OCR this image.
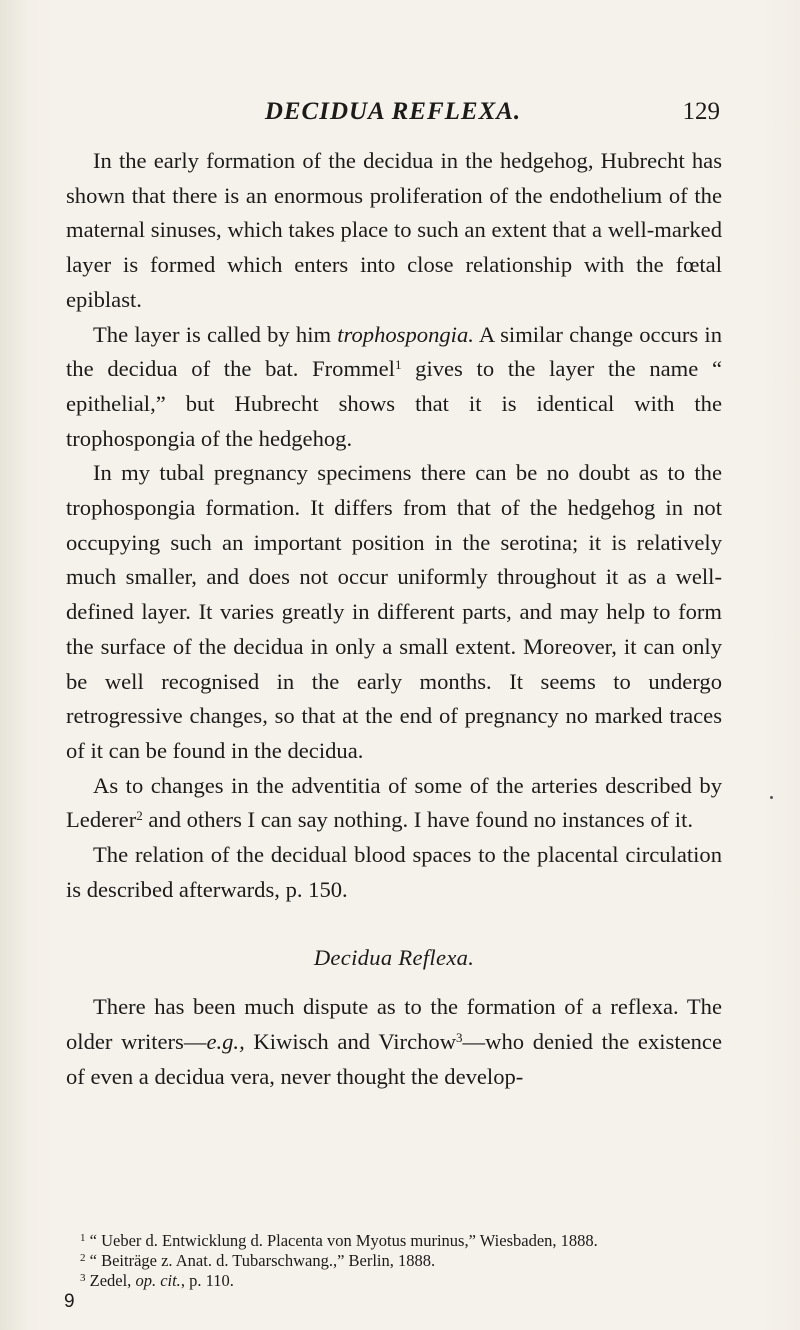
DECIDUA REFLEXA.	129

In the early formation of the decidua in the hedgehog, Hubrecht has shown that there is an enormous proliferation of the endothelium of the maternal sinuses, which takes place to such an extent that a well-marked layer is formed which enters into close relationship with the fœtal epiblast.

The layer is called by him trophospongia. A similar change occurs in the decidua of the bat. Frommel$^1$ gives to the layer the name “ epithelial,” but Hubrecht shows that it is identical with the trophospongia of the hedgehog.

In my tubal pregnancy specimens there can be no doubt as to the trophospongia formation. It differs from that of the hedgehog in not occupying such an important position in the serotina; it is relatively much smaller, and does not occur uniformly throughout it as a well-defined layer. It varies greatly in different parts, and may help to form the surface of the decidua in only a small extent. Moreover, it can only be well recognised in the early months. It seems to undergo retrogressive changes, so that at the end of pregnancy no marked traces of it can be found in the decidua.

As to changes in the adventitia of some of the arteries described by Lederer$^2$ and others I can say nothing. I have found no instances of it.

The relation of the decidual blood spaces to the placental circulation is described afterwards, p. 150.

Decidua Reflexa.

There has been much dispute as to the formation of a reflexa. The older writers—e.g., Kiwisch and Virchow$^3$—who denied the existence of even a decidua vera, never thought the develop-

$^1$ “ Ueber d. Entwicklung d. Placenta von Myotus murinus,” Wiesbaden, 1888.

$^2$ “ Beiträge z. Anat. d. Tubarschwang.,” Berlin, 1888.

$^3$ Zedel, op. cit., p. 110.

9
